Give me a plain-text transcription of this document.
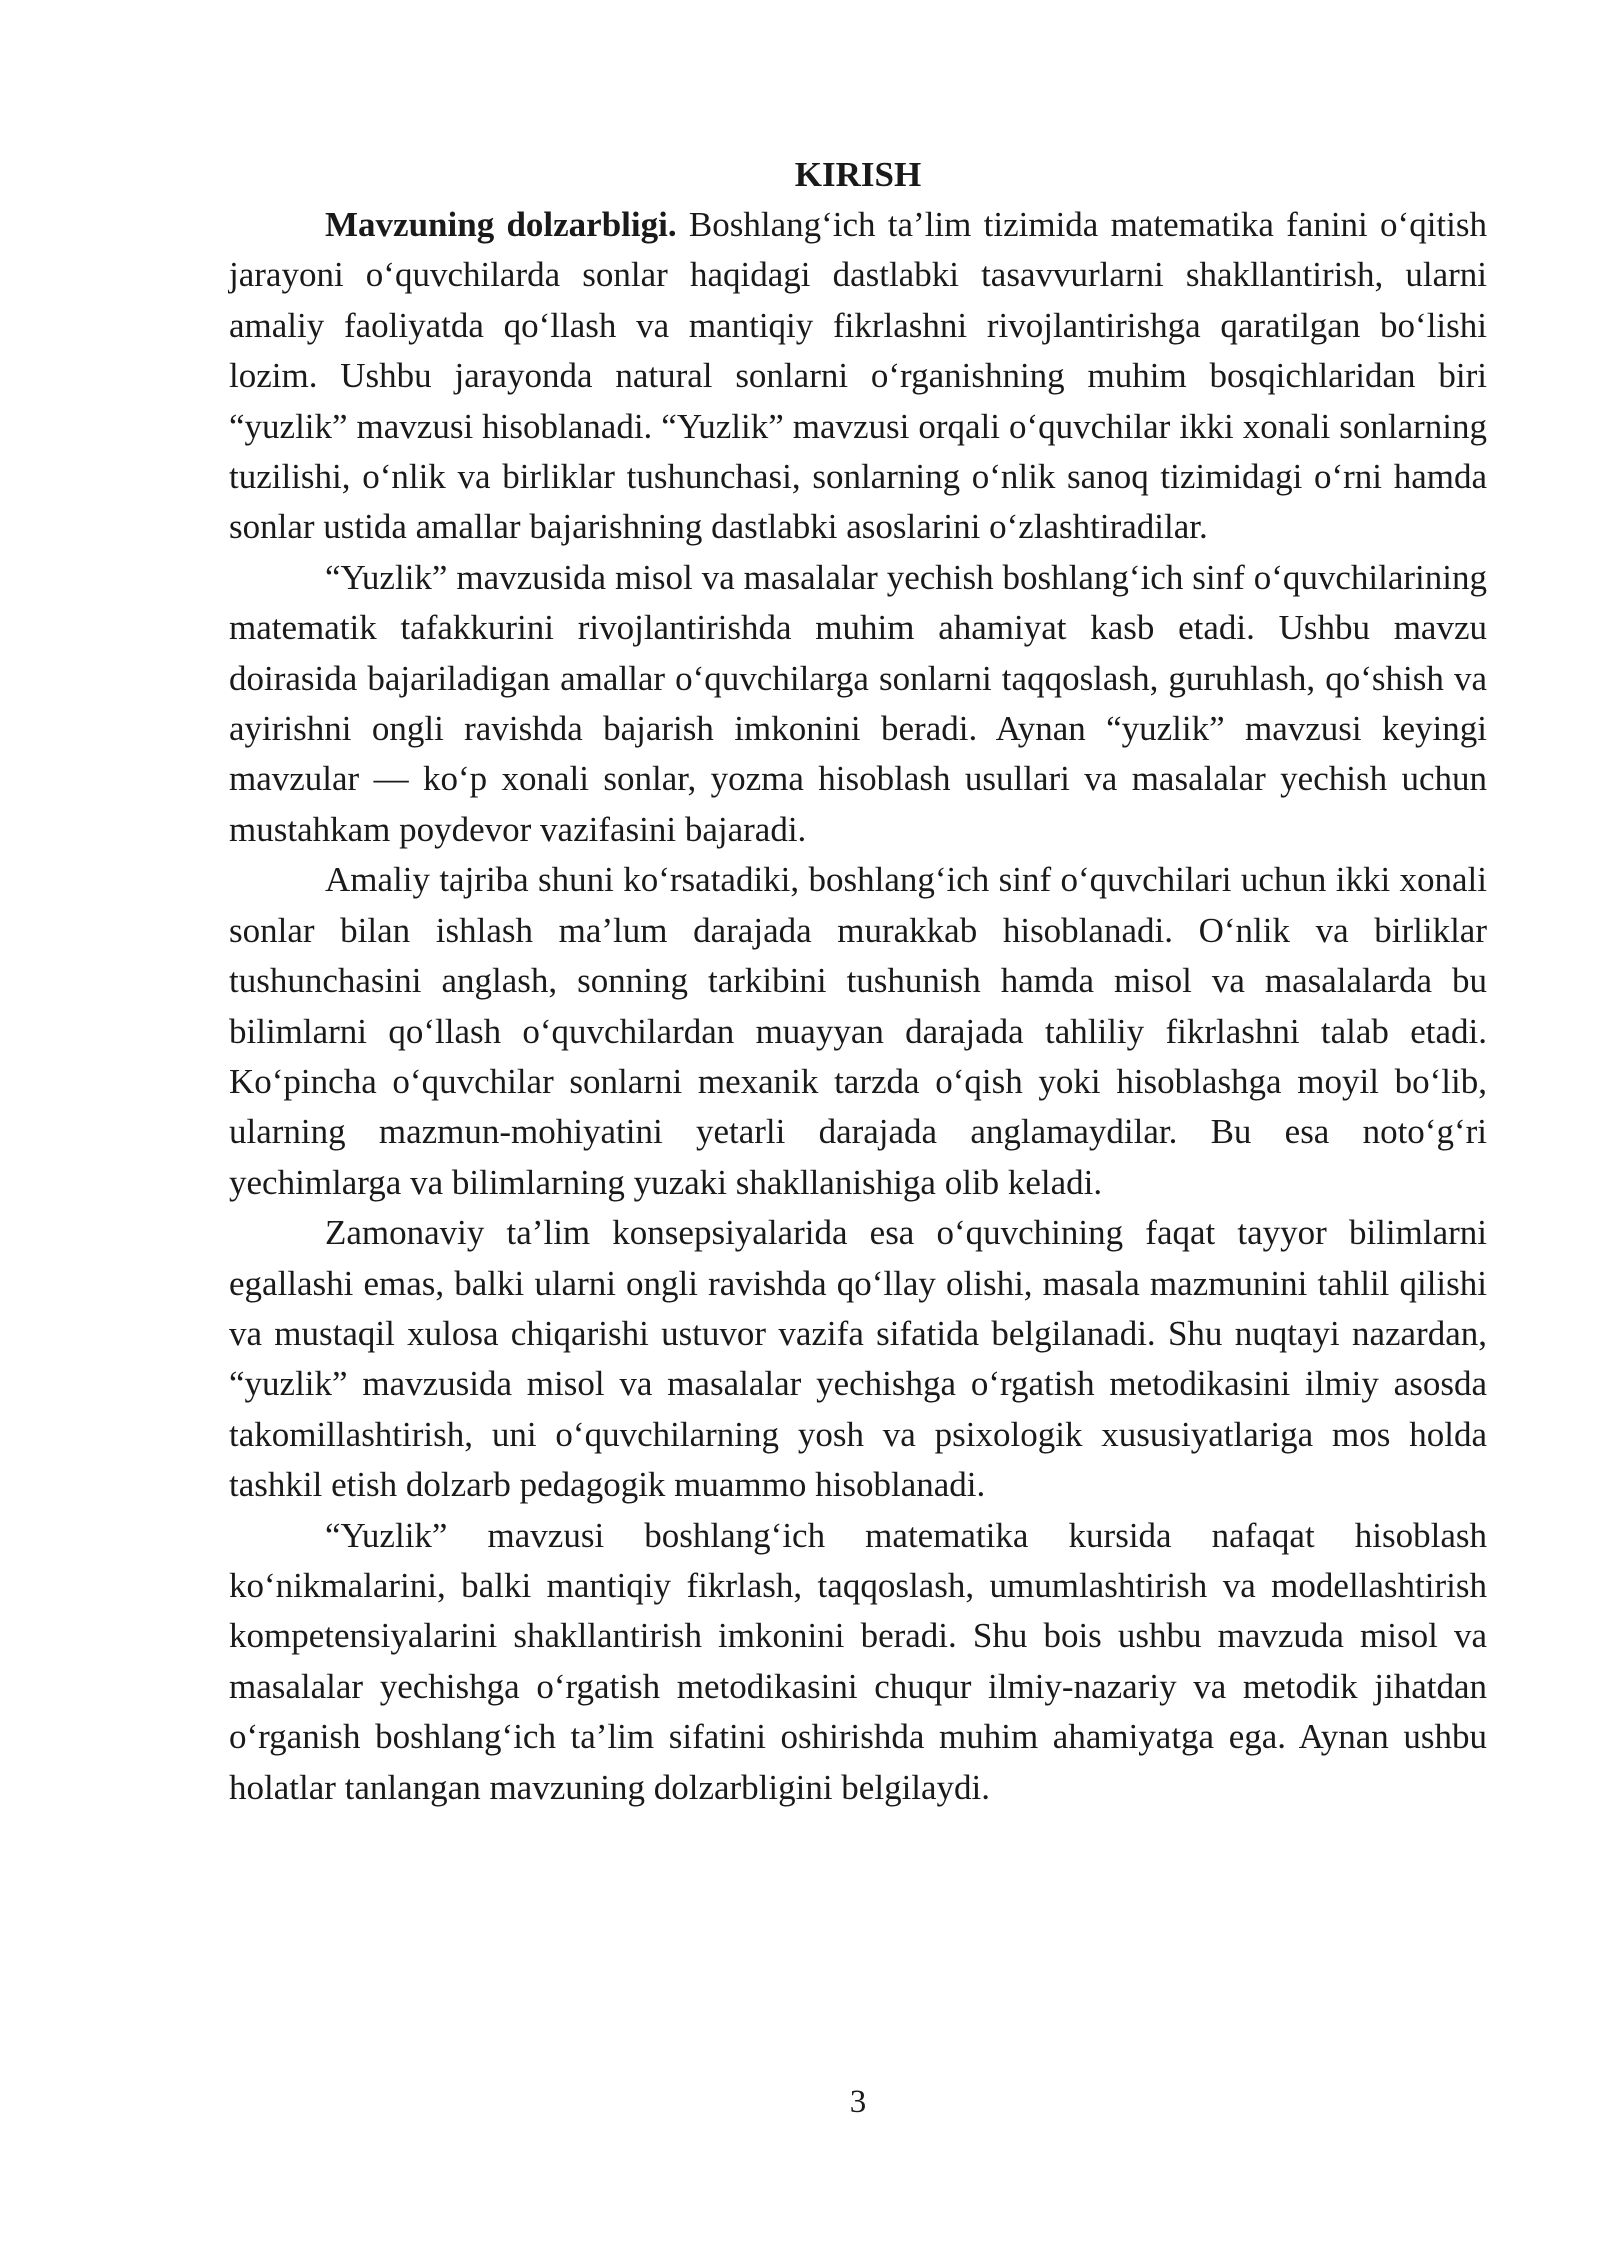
KIRISH

Mavzuning dolzarbligi. Boshlang‘ich ta’lim tizimida matematika fanini o‘qitish jarayoni o‘quvchilarda sonlar haqidagi dastlabki tasavvurlarni shakllantirish, ularni amaliy faoliyatda qo‘llash va mantiqiy fikrlashni rivojlantirishga qaratilgan bo‘lishi lozim. Ushbu jarayonda natural sonlarni o‘rganishning muhim bosqichlaridan biri “yuzlik” mavzusi hisoblanadi. “Yuzlik” mavzusi orqali o‘quvchilar ikki xonali sonlarning tuzilishi, o‘nlik va birliklar tushunchasi, sonlarning o‘nlik sanoq tizimidagi o‘rni hamda sonlar ustida amallar bajarishning dastlabki asoslarini o‘zlashtiradilar.

“Yuzlik” mavzusida misol va masalalar yechish boshlang‘ich sinf o‘quvchilarining matematik tafakkurini rivojlantirishda muhim ahamiyat kasb etadi. Ushbu mavzu doirasida bajariladigan amallar o‘quvchilarga sonlarni taqqoslash, guruhlash, qo‘shish va ayirishni ongli ravishda bajarish imkonini beradi. Aynan “yuzlik” mavzusi keyingi mavzular — ko‘p xonali sonlar, yozma hisoblash usullari va masalalar yechish uchun mustahkam poydevor vazifasini bajaradi.

Amaliy tajriba shuni ko‘rsatadiki, boshlang‘ich sinf o‘quvchilari uchun ikki xonali sonlar bilan ishlash ma’lum darajada murakkab hisoblanadi. O‘nlik va birliklar tushunchasini anglash, sonning tarkibini tushunish hamda misol va masalalarda bu bilimlarni qo‘llash o‘quvchilardan muayyan darajada tahliliy fikrlashni talab etadi. Ko‘pincha o‘quvchilar sonlarni mexanik tarzda o‘qish yoki hisoblashga moyil bo‘lib, ularning mazmun-mohiyatini yetarli darajada anglamaydilar. Bu esa noto‘g‘ri yechimlarga va bilimlarning yuzaki shakllanishiga olib keladi.

Zamonaviy ta’lim konsepsiyalarida esa o‘quvchining faqat tayyor bilimlarni egallashi emas, balki ularni ongli ravishda qo‘llay olishi, masala mazmunini tahlil qilishi va mustaqil xulosa chiqarishi ustuvor vazifa sifatida belgilanadi. Shu nuqtayi nazardan, “yuzlik” mavzusida misol va masalalar yechishga o‘rgatish metodikasini ilmiy asosda takomillashtirish, uni o‘quvchilarning yosh va psixologik xususiyatlariga mos holda tashkil etish dolzarb pedagogik muammo hisoblanadi.

“Yuzlik” mavzusi boshlang‘ich matematika kursida nafaqat hisoblash ko‘nikmalarini, balki mantiqiy fikrlash, taqqoslash, umumlashtirish va modellashtirish kompetensiyalarini shakllantirish imkonini beradi. Shu bois ushbu mavzuda misol va masalalar yechishga o‘rgatish metodikasini chuqur ilmiy-nazariy va metodik jihatdan o‘rganish boshlang‘ich ta’lim sifatini oshirishda muhim ahamiyatga ega. Aynan ushbu holatlar tanlangan mavzuning dolzarbligini belgilaydi.

3
